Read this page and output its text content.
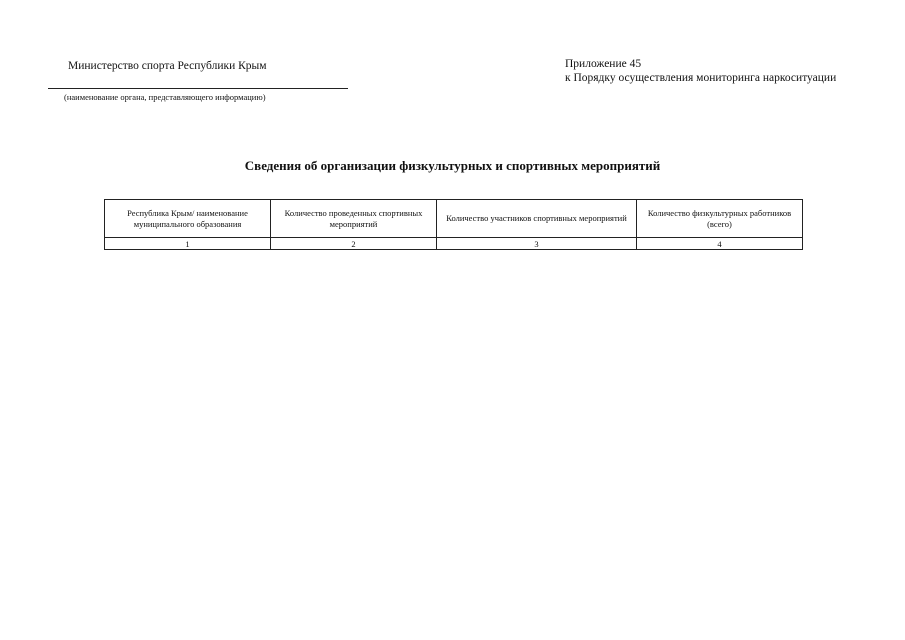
Министерство спорта Республики Крым
(наименование органа, представляющего информацию)
Приложение 45
к Порядку осуществления мониторинга наркоситуации
Сведения об организации физкультурных и спортивных мероприятий
Республика Крым/ наименование муниципального образования	Количество проведенных спортивных мероприятий	Количество участников спортивных мероприятий	Количество физкультурных работников (всего)
1	2	3	4
